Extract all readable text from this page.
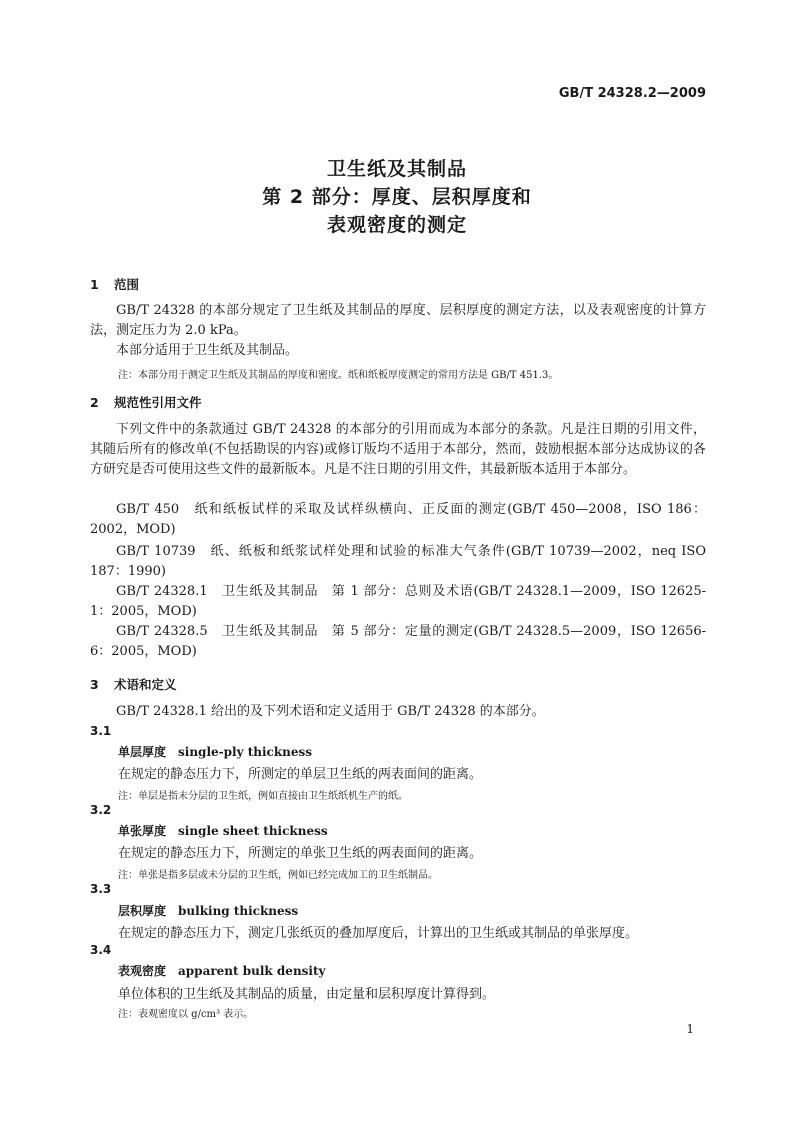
GB/T 24328.2—2009
卫生纸及其制品
第 2 部分：厚度、层积厚度和
表观密度的测定
1 范围
GB/T 24328 的本部分规定了卫生纸及其制品的厚度、层积厚度的测定方法，以及表观密度的计算方法，测定压力为 2.0 kPa。
本部分适用于卫生纸及其制品。
注：本部分用于测定卫生纸及其制品的厚度和密度。纸和纸板厚度测定的常用方法是 GB/T 451.3。
2 规范性引用文件
下列文件中的条款通过 GB/T 24328 的本部分的引用而成为本部分的条款。凡是注日期的引用文件，其随后所有的修改单(不包括勘误的内容)或修订版均不适用于本部分，然而，鼓励根据本部分达成协议的各方研究是否可使用这些文件的最新版本。凡是不注日期的引用文件，其最新版本适用于本部分。
GB/T 450　纸和纸板试样的采取及试样纵横向、正反面的测定(GB/T 450—2008，ISO 186：2002，MOD)
GB/T 10739　纸、纸板和纸浆试样处理和试验的标准大气条件(GB/T 10739—2002，neq ISO 187：1990)
GB/T 24328.1　卫生纸及其制品　第 1 部分：总则及术语(GB/T 24328.1—2009，ISO 12625-1：2005，MOD)
GB/T 24328.5　卫生纸及其制品　第 5 部分：定量的测定(GB/T 24328.5—2009，ISO 12656-6：2005，MOD)
3 术语和定义
GB/T 24328.1 给出的及下列术语和定义适用于 GB/T 24328 的本部分。
3.1
单层厚度 single-ply thickness
在规定的静态压力下，所测定的单层卫生纸的两表面间的距离。
注：单层是指未分层的卫生纸，例如直接由卫生纸纸机生产的纸。
3.2
单张厚度 single sheet thickness
在规定的静态压力下，所测定的单张卫生纸的两表面间的距离。
注：单张是指多层或未分层的卫生纸，例如已经完成加工的卫生纸制品。
3.3
层积厚度 bulking thickness
在规定的静态压力下，测定几张纸页的叠加厚度后，计算出的卫生纸或其制品的单张厚度。
3.4
表观密度 apparent bulk density
单位体积的卫生纸及其制品的质量，由定量和层积厚度计算得到。
注：表观密度以 g/cm³ 表示。
1
